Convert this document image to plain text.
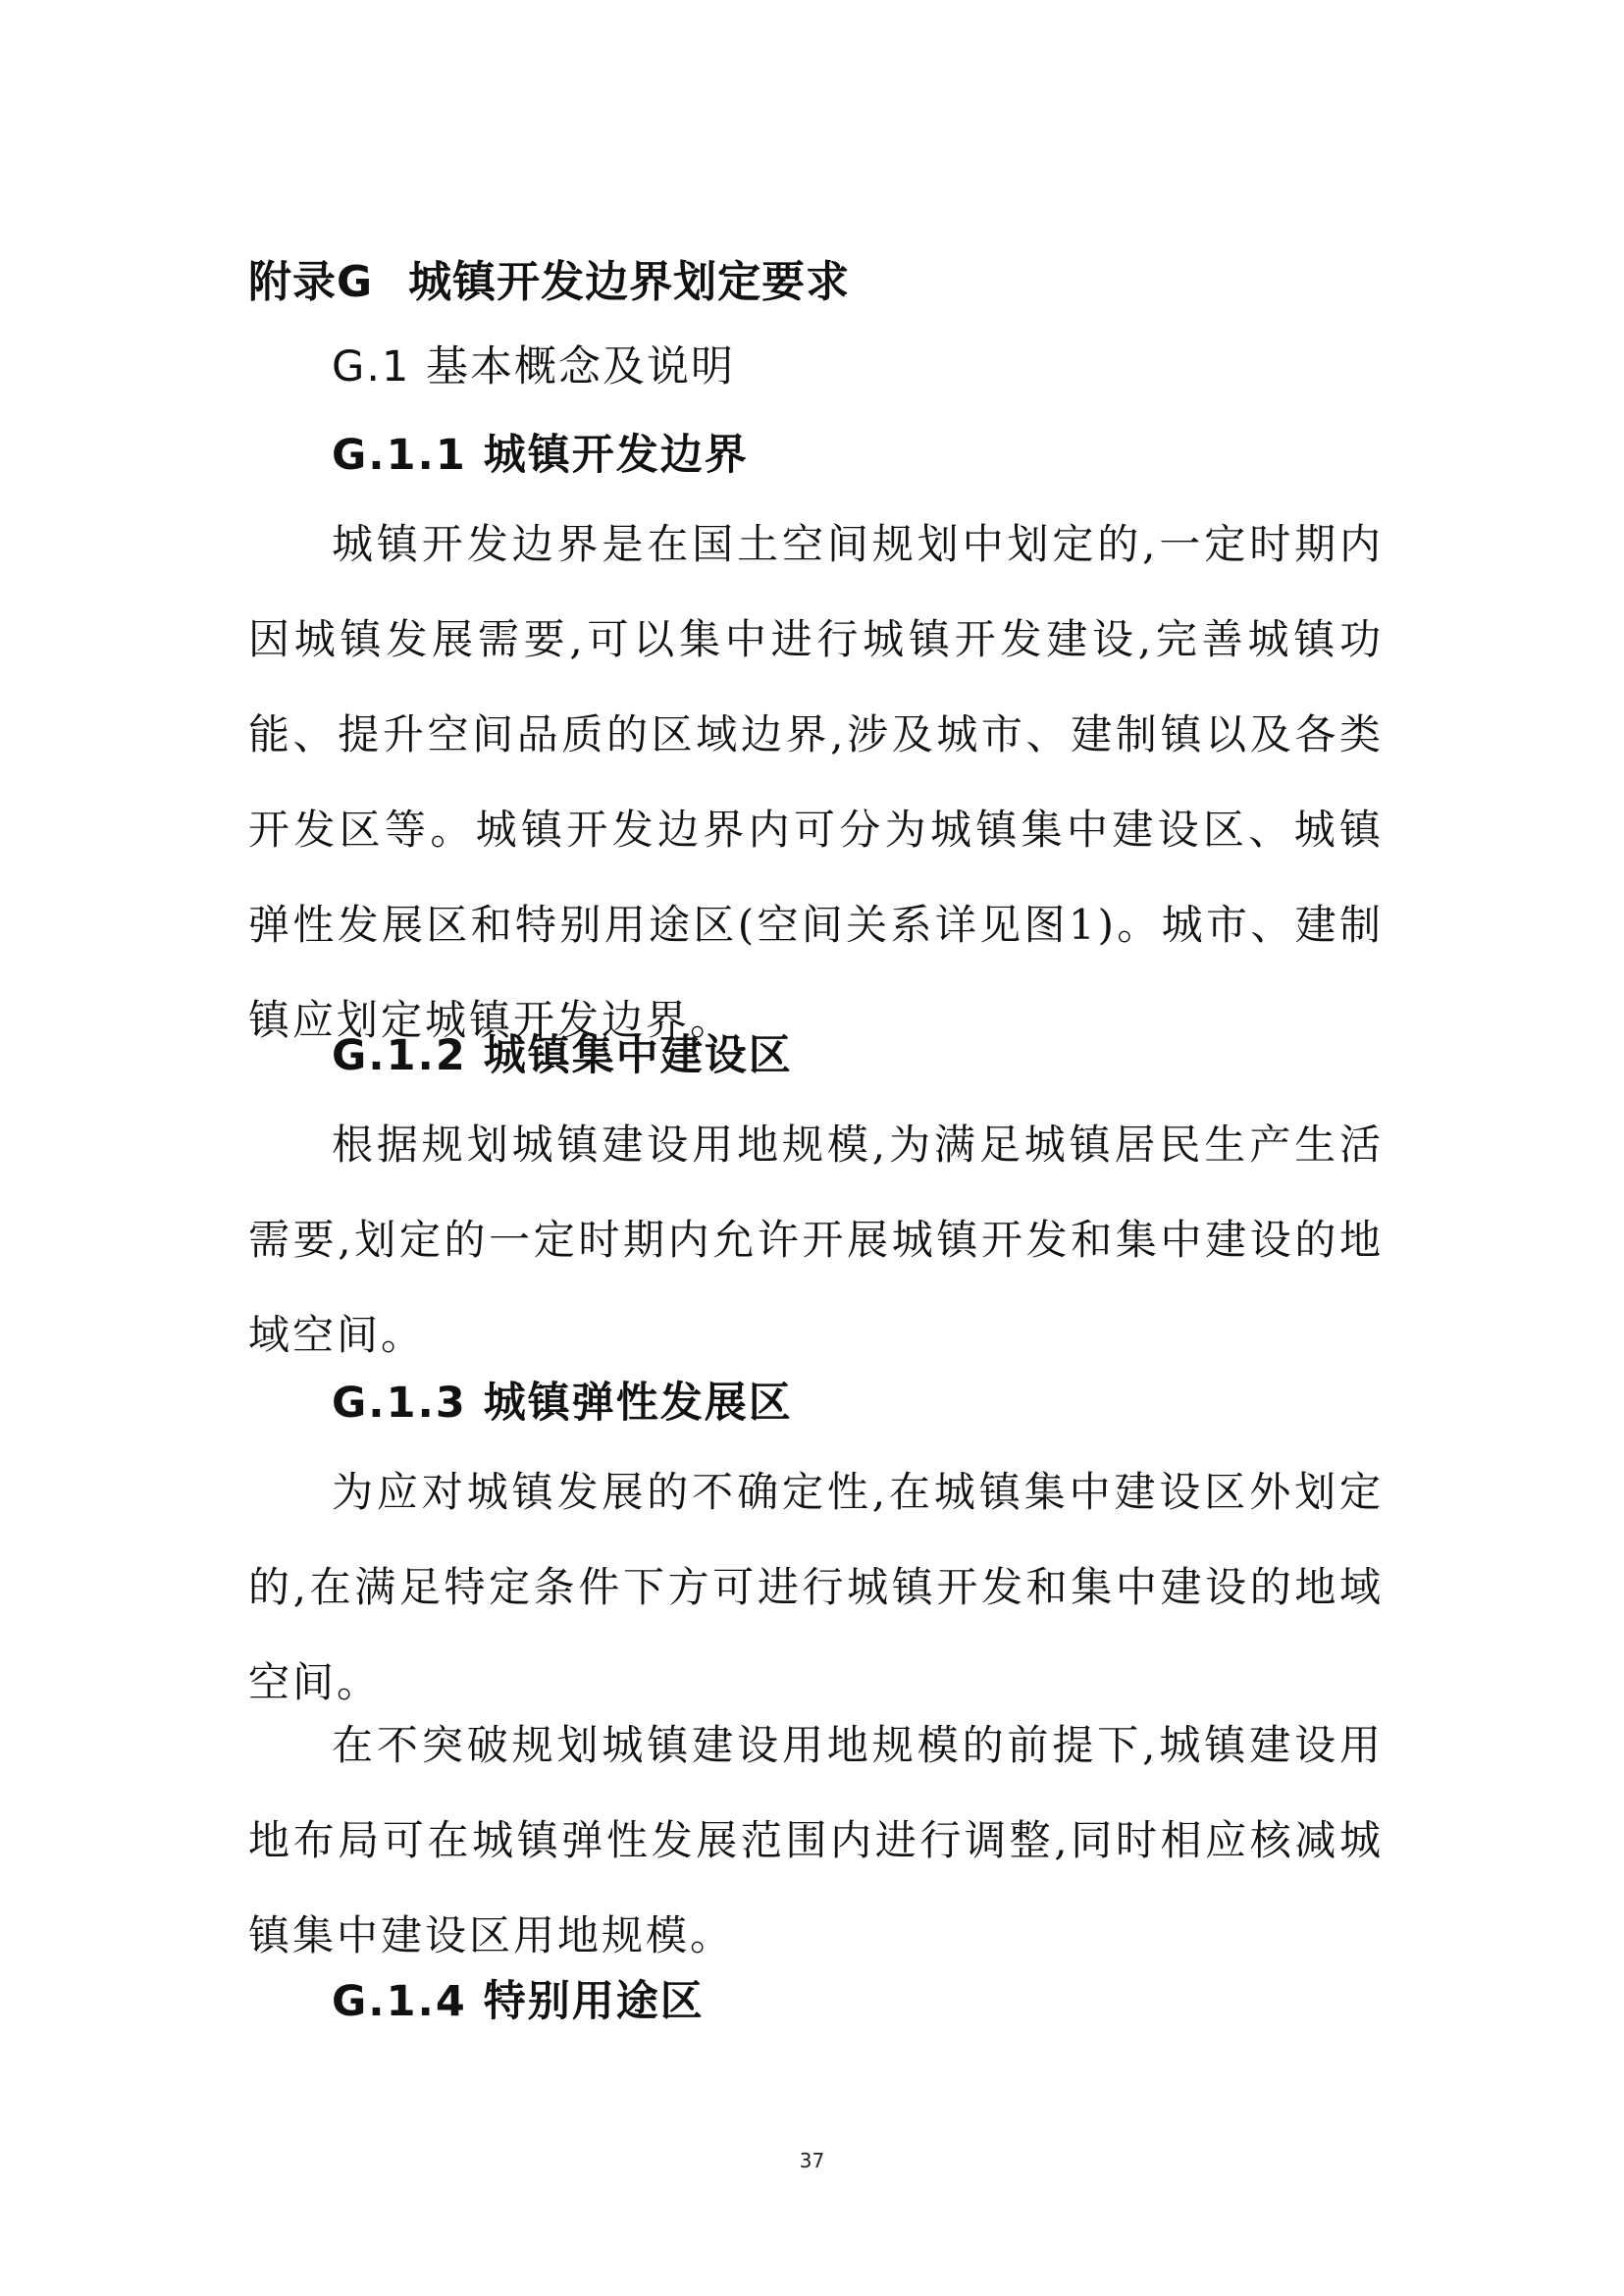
附录G 城镇开发边界划定要求
G.1 基本概念及说明
G.1.1 城镇开发边界

城镇开发边界是在国土空间规划中划定的,一定时期内因城镇发展需要,可以集中进行城镇开发建设,完善城镇功能、提升空间品质的区域边界,涉及城市、建制镇以及各类开发区等。城镇开发边界内可分为城镇集中建设区、城镇弹性发展区和特别用途区(空间关系详见图1)。城市、建制镇应划定城镇开发边界。

G.1.2 城镇集中建设区

根据规划城镇建设用地规模,为满足城镇居民生产生活需要,划定的一定时期内允许开展城镇开发和集中建设的地域空间。

G.1.3 城镇弹性发展区

为应对城镇发展的不确定性,在城镇集中建设区外划定的,在满足特定条件下方可进行城镇开发和集中建设的地域空间。

在不突破规划城镇建设用地规模的前提下,城镇建设用地布局可在城镇弹性发展范围内进行调整,同时相应核减城镇集中建设区用地规模。

G.1.4 特别用途区
37
